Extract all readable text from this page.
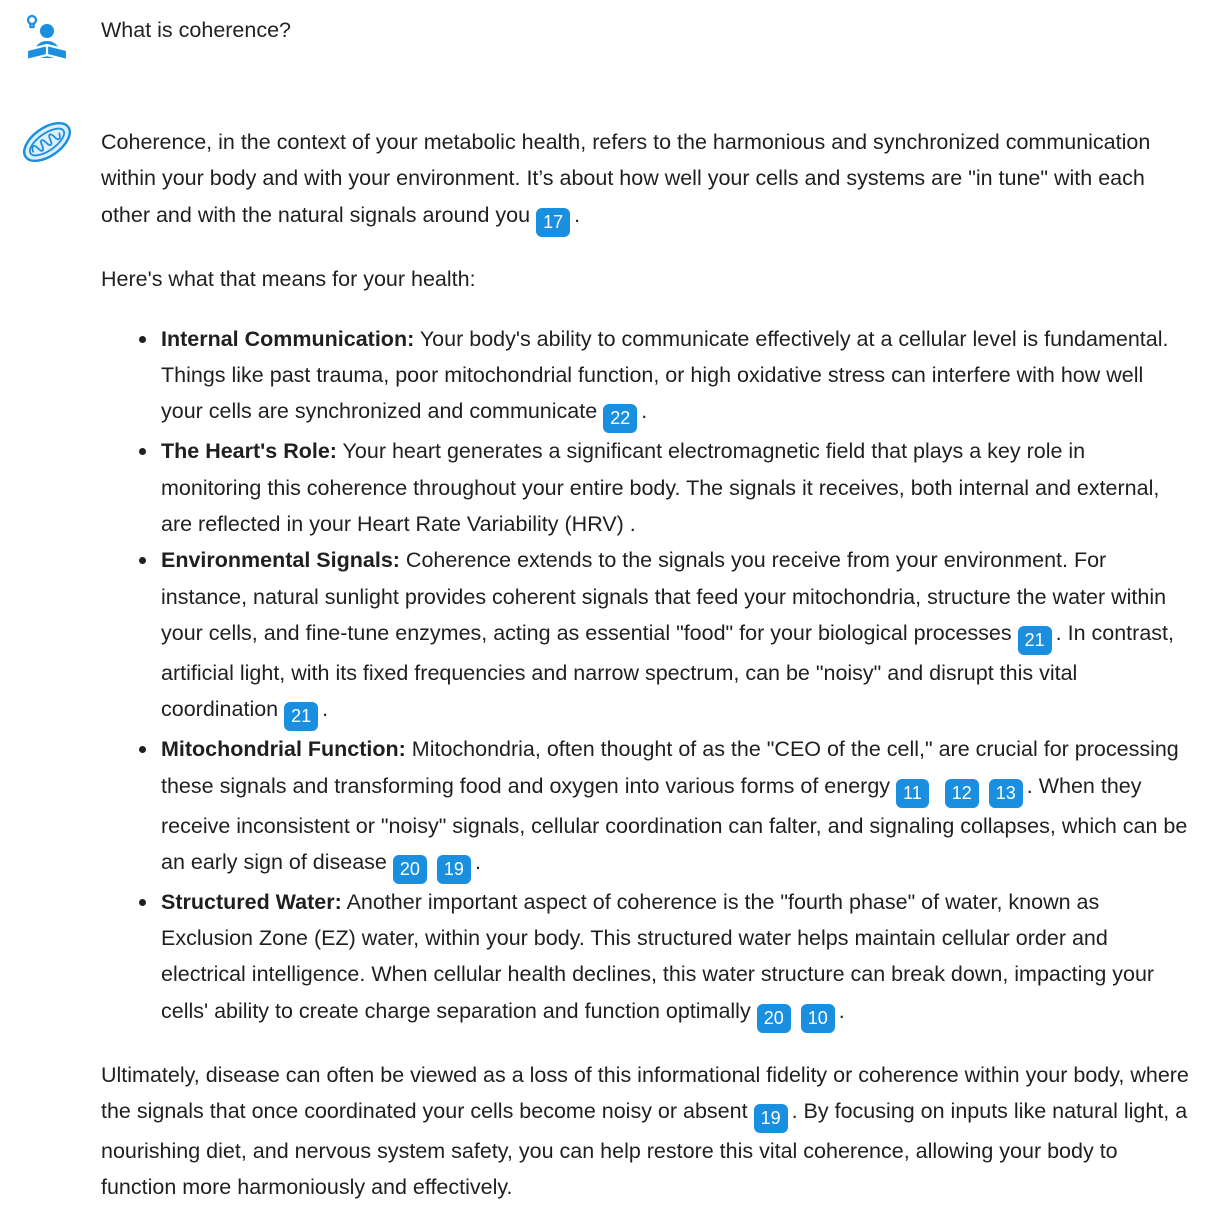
What is coherence?

Coherence, in the context of your metabolic health, refers to the harmonious and synchronized communication within your body and with your environment. It’s about how well your cells and systems are "in tune" with each other and with the natural signals around you 17 .

Here's what that means for your health:

Internal Communication: Your body's ability to communicate effectively at a cellular level is fundamental. Things like past trauma, poor mitochondrial function, or high oxidative stress can interfere with how well your cells are synchronized and communicate 22 .
The Heart's Role: Your heart generates a significant electromagnetic field that plays a key role in monitoring this coherence throughout your entire body. The signals it receives, both internal and external, are reflected in your Heart Rate Variability (HRV) .
Environmental Signals: Coherence extends to the signals you receive from your environment. For instance, natural sunlight provides coherent signals that feed your mitochondria, structure the water within your cells, and fine-tune enzymes, acting as essential "food" for your biological processes 21 . In contrast, artificial light, with its fixed frequencies and narrow spectrum, can be "noisy" and disrupt this vital coordination 21 .
Mitochondrial Function: Mitochondria, often thought of as the "CEO of the cell," are crucial for processing these signals and transforming food and oxygen into various forms of energy 11 12 13 . When they receive inconsistent or "noisy" signals, cellular coordination can falter, and signaling collapses, which can be an early sign of disease 20 19 .
Structured Water: Another important aspect of coherence is the "fourth phase" of water, known as Exclusion Zone (EZ) water, within your body. This structured water helps maintain cellular order and electrical intelligence. When cellular health declines, this water structure can break down, impacting your cells' ability to create charge separation and function optimally 20 10 .

Ultimately, disease can often be viewed as a loss of this informational fidelity or coherence within your body, where the signals that once coordinated your cells become noisy or absent 19 . By focusing on inputs like natural light, a nourishing diet, and nervous system safety, you can help restore this vital coherence, allowing your body to function more harmoniously and effectively.
